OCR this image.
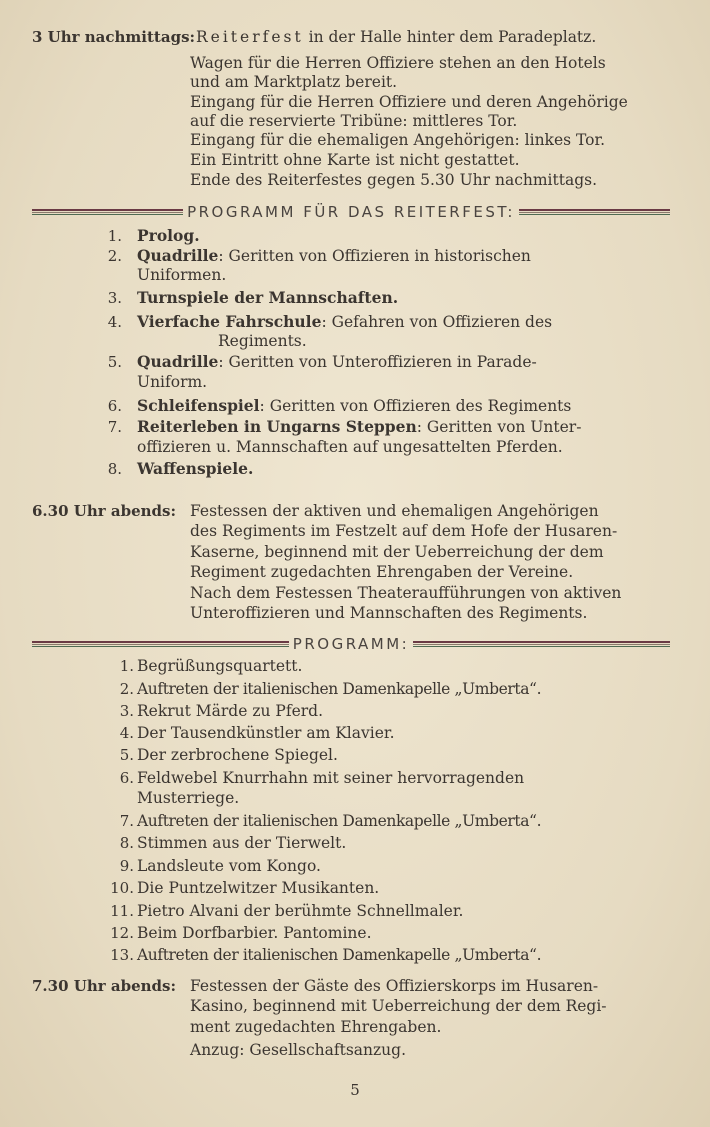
3 Uhr nachmittags: Reiterfest in der Halle hinter dem Paradeplatz.
Wagen für die Herren Offiziere stehen an den Hotels
und am Marktplatz bereit.
Eingang für die Herren Offiziere und deren Angehörige
auf die reservierte Tribüne: mittleres Tor.
Eingang für die ehemaligen Angehörigen: linkes Tor.
Ein Eintritt ohne Karte ist nicht gestattet.
Ende des Reiterfestes gegen 5.30 Uhr nachmittags.
PROGRAMM FÜR DAS REITERFEST:
1. Prolog.
2. Quadrille: Geritten von Offizieren in historischen
Uniformen.
3. Turnspiele der Mannschaften.
4. Vierfache Fahrschule: Gefahren von Offizieren des
Regiments.
5. Quadrille: Geritten von Unteroffizieren in Parade-
Uniform.
6. Schleifenspiel: Geritten von Offizieren des Regiments
7. Reiterleben in Ungarns Steppen: Geritten von Unter-
offizieren u. Mannschaften auf ungesattelten Pferden.
8. Waffenspiele.
6.30 Uhr abends: Festessen der aktiven und ehemaligen Angehörigen
des Regiments im Festzelt auf dem Hofe der Husaren-
Kaserne, beginnend mit der Ueberreichung der dem
Regiment zugedachten Ehrengaben der Vereine.
Nach dem Festessen Theateraufführungen von aktiven
Unteroffizieren und Mannschaften des Regiments.
PROGRAMM:
1. Begrüßungsquartett.
2. Auftreten der italienischen Damenkapelle „Umberta“.
3. Rekrut Märde zu Pferd.
4. Der Tausendkünstler am Klavier.
5. Der zerbrochene Spiegel.
6. Feldwebel Knurrhahn mit seiner hervorragenden
Musterriege.
7. Auftreten der italienischen Damenkapelle „Umberta“.
8. Stimmen aus der Tierwelt.
9. Landsleute vom Kongo.
10. Die Puntzelwitzer Musikanten.
11. Pietro Alvani der berühmte Schnellmaler.
12. Beim Dorfbarbier. Pantomine.
13. Auftreten der italienischen Damenkapelle „Umberta“.
7.30 Uhr abends: Festessen der Gäste des Offizierskorps im Husaren-
Kasino, beginnend mit Ueberreichung der dem Regi-
ment zugedachten Ehrengaben.
Anzug: Gesellschaftsanzug.
5
